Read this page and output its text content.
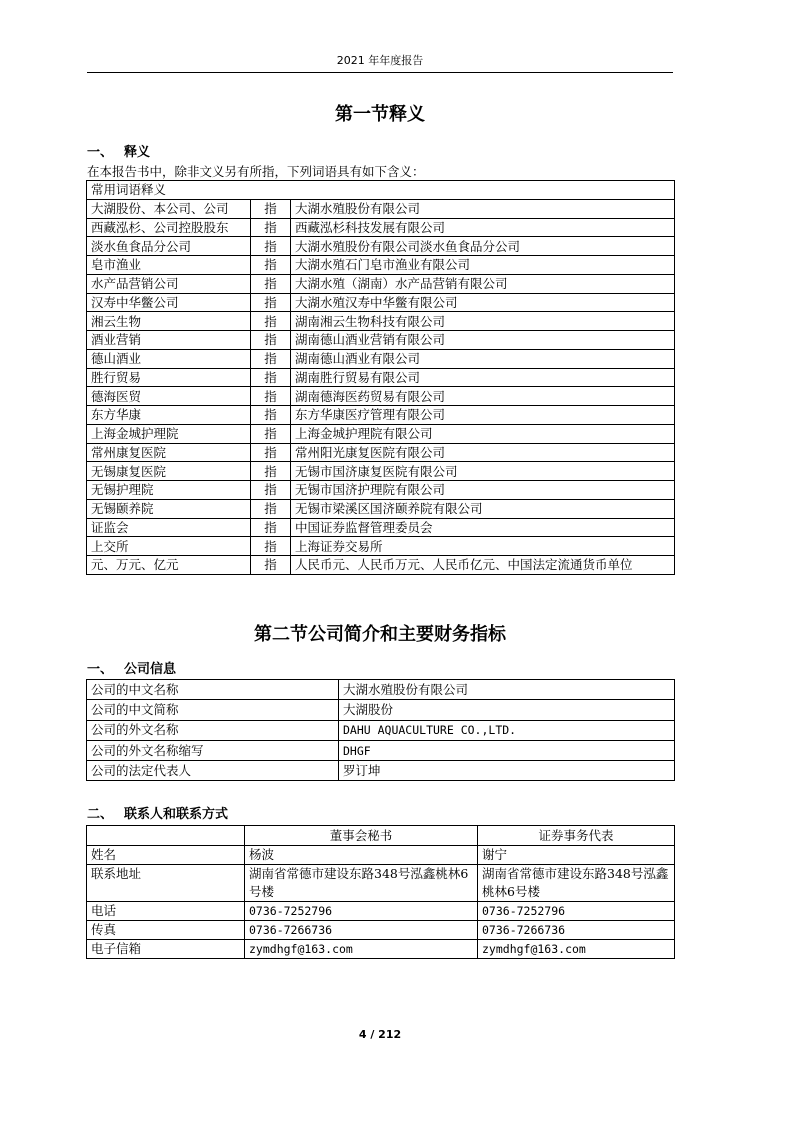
2021 年年度报告
第一节释义
一、 释义
在本报告书中，除非文义另有所指，下列词语具有如下含义：
常用词语释义		
大湖股份、本公司、公司	指	大湖水殖股份有限公司
西藏泓杉、公司控股股东	指	西藏泓杉科技发展有限公司
淡水鱼食品分公司	指	大湖水殖股份有限公司淡水鱼食品分公司
皂市渔业	指	大湖水殖石门皂市渔业有限公司
水产品营销公司	指	大湖水殖（湖南）水产品营销有限公司
汉寿中华鳖公司	指	大湖水殖汉寿中华鳖有限公司
湘云生物	指	湖南湘云生物科技有限公司
酒业营销	指	湖南德山酒业营销有限公司
德山酒业	指	湖南德山酒业有限公司
胜行贸易	指	湖南胜行贸易有限公司
德海医贸	指	湖南德海医药贸易有限公司
东方华康	指	东方华康医疗管理有限公司
上海金城护理院	指	上海金城护理院有限公司
常州康复医院	指	常州阳光康复医院有限公司
无锡康复医院	指	无锡市国济康复医院有限公司
无锡护理院	指	无锡市国济护理院有限公司
无锡颐养院	指	无锡市梁溪区国济颐养院有限公司
证监会	指	中国证券监督管理委员会
上交所	指	上海证券交易所
元、万元、亿元	指	人民币元、人民币万元、人民币亿元、中国法定流通货币单位
第二节公司简介和主要财务指标
一、 公司信息
公司的中文名称	大湖水殖股份有限公司
公司的中文简称	大湖股份
公司的外文名称	DAHU AQUACULTURE CO.,LTD.
公司的外文名称缩写	DHGF
公司的法定代表人	罗订坤
二、 联系人和联系方式
	董事会秘书	证券事务代表
姓名	杨波	谢宁
联系地址	湖南省常德市建设东路348号泓鑫桃林6号楼	湖南省常德市建设东路348号泓鑫桃林6号楼
电话	0736-7252796	0736-7252796
传真	0736-7266736	0736-7266736
电子信箱	zymdhgf@163.com	zymdhgf@163.com
4 / 212
